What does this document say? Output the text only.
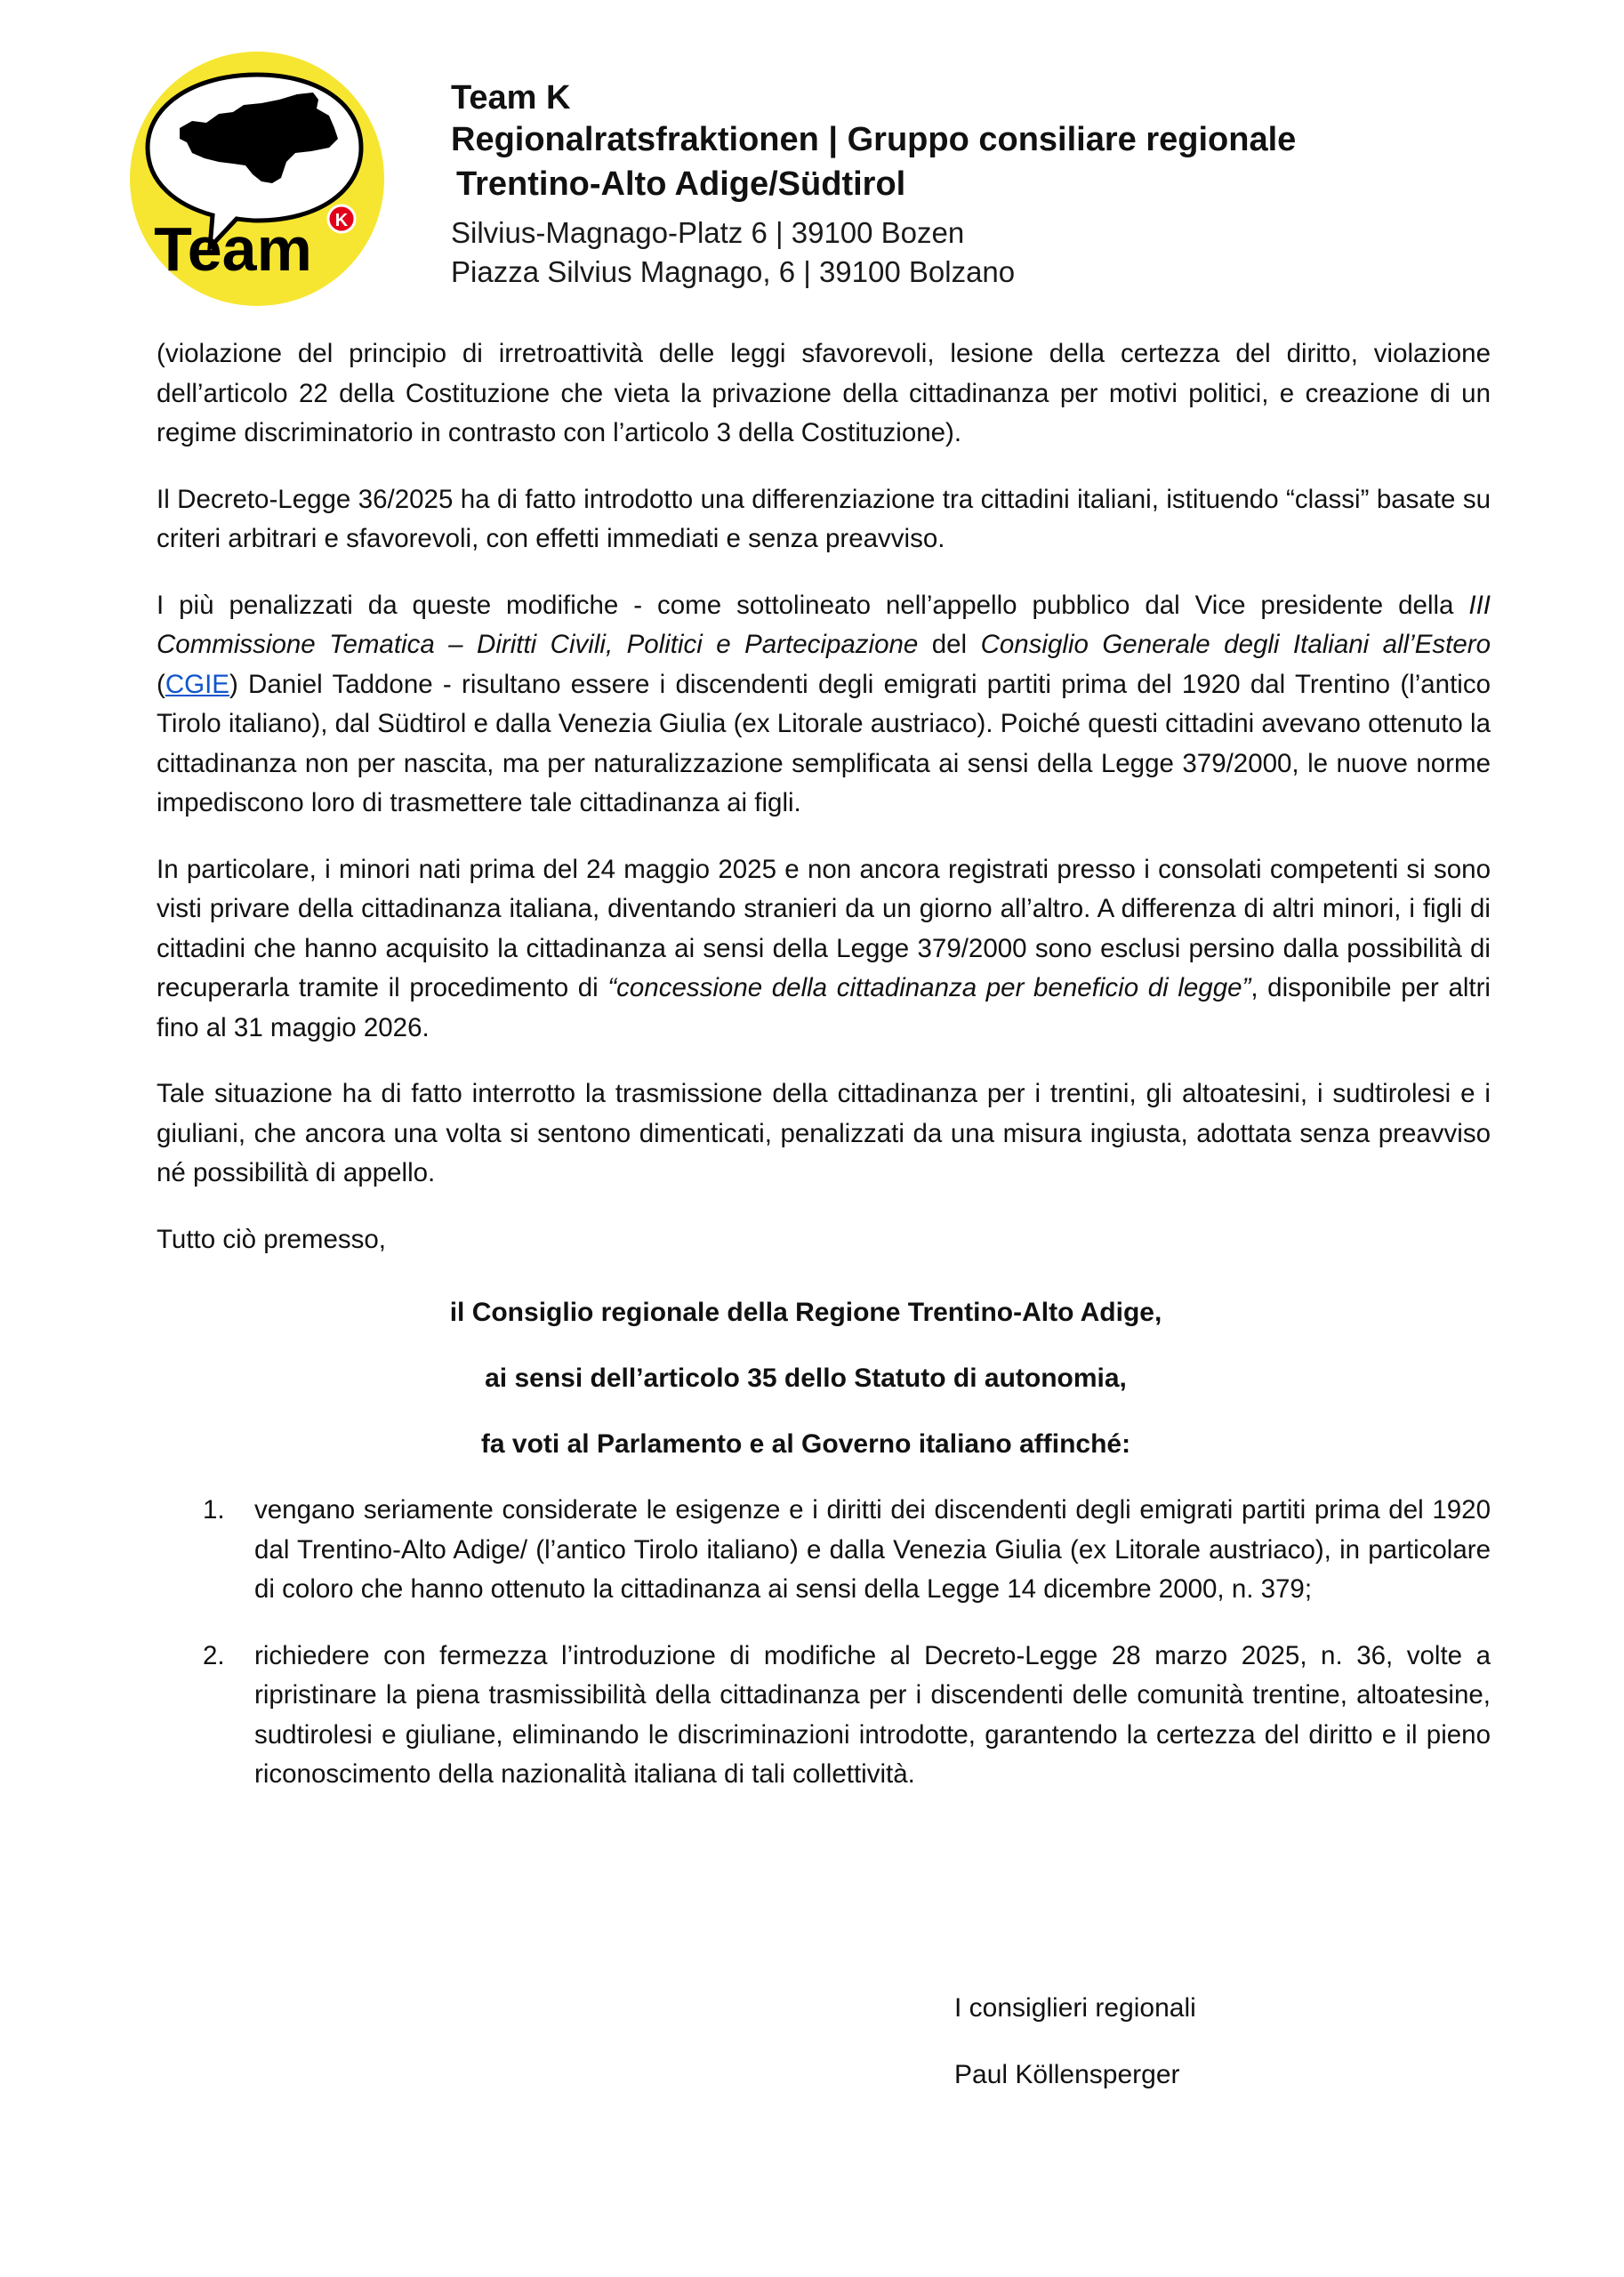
Team K
Team K
Regionalratsfraktionen | Gruppo consiliare regionale
Trentino-Alto Adige/Südtirol
Silvius-Magnago-Platz 6 | 39100 Bozen
Piazza Silvius Magnago, 6 | 39100 Bolzano

(violazione del principio di irretroattività delle leggi sfavorevoli, lesione della certezza del diritto, violazione dell’articolo 22 della Costituzione che vieta la privazione della cittadinanza per motivi politici, e creazione di un regime discriminatorio in contrasto con l’articolo 3 della Costituzione).

Il Decreto-Legge 36/2025 ha di fatto introdotto una differenziazione tra cittadini italiani, istituendo “classi” basate su criteri arbitrari e sfavorevoli, con effetti immediati e senza preavviso.

I più penalizzati da queste modifiche - come sottolineato nell’appello pubblico dal Vice presidente della III Commissione Tematica – Diritti Civili, Politici e Partecipazione del Consiglio Generale degli Italiani all’Estero (CGIE) Daniel Taddone - risultano essere i discendenti degli emigrati partiti prima del 1920 dal Trentino (l’antico Tirolo italiano), dal Südtirol e dalla Venezia Giulia (ex Litorale austriaco). Poiché questi cittadini avevano ottenuto la cittadinanza non per nascita, ma per naturalizzazione semplificata ai sensi della Legge 379/2000, le nuove norme impediscono loro di trasmettere tale cittadinanza ai figli.

In particolare, i minori nati prima del 24 maggio 2025 e non ancora registrati presso i consolati competenti si sono visti privare della cittadinanza italiana, diventando stranieri da un giorno all’altro. A differenza di altri minori, i figli di cittadini che hanno acquisito la cittadinanza ai sensi della Legge 379/2000 sono esclusi persino dalla possibilità di recuperarla tramite il procedimento di “concessione della cittadinanza per beneficio di legge”, disponibile per altri fino al 31 maggio 2026.

Tale situazione ha di fatto interrotto la trasmissione della cittadinanza per i trentini, gli altoatesini, i sudtirolesi e i giuliani, che ancora una volta si sentono dimenticati, penalizzati da una misura ingiusta, adottata senza preavviso né possibilità di appello.

Tutto ciò premesso,

il Consiglio regionale della Regione Trentino-Alto Adige,
ai sensi dell’articolo 35 dello Statuto di autonomia,
fa voti al Parlamento e al Governo italiano affinché:
1. vengano seriamente considerate le esigenze e i diritti dei discendenti degli emigrati partiti prima del 1920 dal Trentino-Alto Adige/ (l’antico Tirolo italiano) e dalla Venezia Giulia (ex Litorale austriaco), in particolare di coloro che hanno ottenuto la cittadinanza ai sensi della Legge 14 dicembre 2000, n. 379;
2. richiedere con fermezza l’introduzione di modifiche al Decreto-Legge 28 marzo 2025, n. 36, volte a ripristinare la piena trasmissibilità della cittadinanza per i discendenti delle comunità trentine, altoatesine, sudtirolesi e giuliane, eliminando le discriminazioni introdotte, garantendo la certezza del diritto e il pieno riconoscimento della nazionalità italiana di tali collettività.
I consiglieri regionali
Paul Köllensperger
